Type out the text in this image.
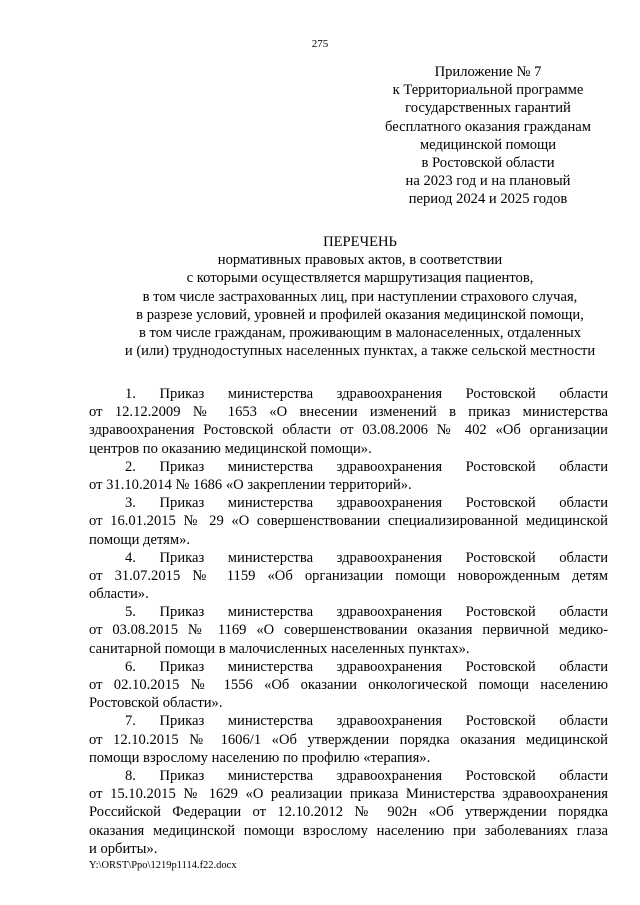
275
Приложение № 7
к Территориальной программе
государственных гарантий
бесплатного оказания гражданам
медицинской помощи
в Ростовской области
на 2023 год и на плановый
период 2024 и 2025 годов
ПЕРЕЧЕНЬ
нормативных правовых актов, в соответствии
с которыми осуществляется маршрутизация пациентов,
в том числе застрахованных лиц, при наступлении страхового случая,
в разрезе условий, уровней и профилей оказания медицинской помощи,
в том числе гражданам, проживающим в малонаселенных, отдаленных
и (или) труднодоступных населенных пунктах, а также сельской местности
1. Приказ министерства здравоохранения Ростовской области
от 12.12.2009 № 1653 «О внесении изменений в приказ министерства
здравоохранения Ростовской области от 03.08.2006 № 402 «Об организации
центров по оказанию медицинской помощи».
2. Приказ министерства здравоохранения Ростовской области
от 31.10.2014 № 1686 «О закреплении территорий».
3. Приказ министерства здравоохранения Ростовской области
от 16.01.2015 № 29 «О совершенствовании специализированной медицинской
помощи детям».
4. Приказ министерства здравоохранения Ростовской области
от 31.07.2015 № 1159 «Об организации помощи новорожденным детям
области».
5. Приказ министерства здравоохранения Ростовской области
от 03.08.2015 № 1169 «О совершенствовании оказания первичной медико-
санитарной помощи в малочисленных населенных пунктах».
6. Приказ министерства здравоохранения Ростовской области
от 02.10.2015 № 1556 «Об оказании онкологической помощи населению
Ростовской области».
7. Приказ министерства здравоохранения Ростовской области
от 12.10.2015 № 1606/1 «Об утверждении порядка оказания медицинской
помощи взрослому населению по профилю «терапия».
8. Приказ министерства здравоохранения Ростовской области
от 15.10.2015 № 1629 «О реализации приказа Министерства здравоохранения
Российской Федерации от 12.10.2012 № 902н «Об утверждении порядка
оказания медицинской помощи взрослому населению при заболеваниях глаза
и орбиты».
Y:\ORST\Ppo\1219p1114.f22.docx
